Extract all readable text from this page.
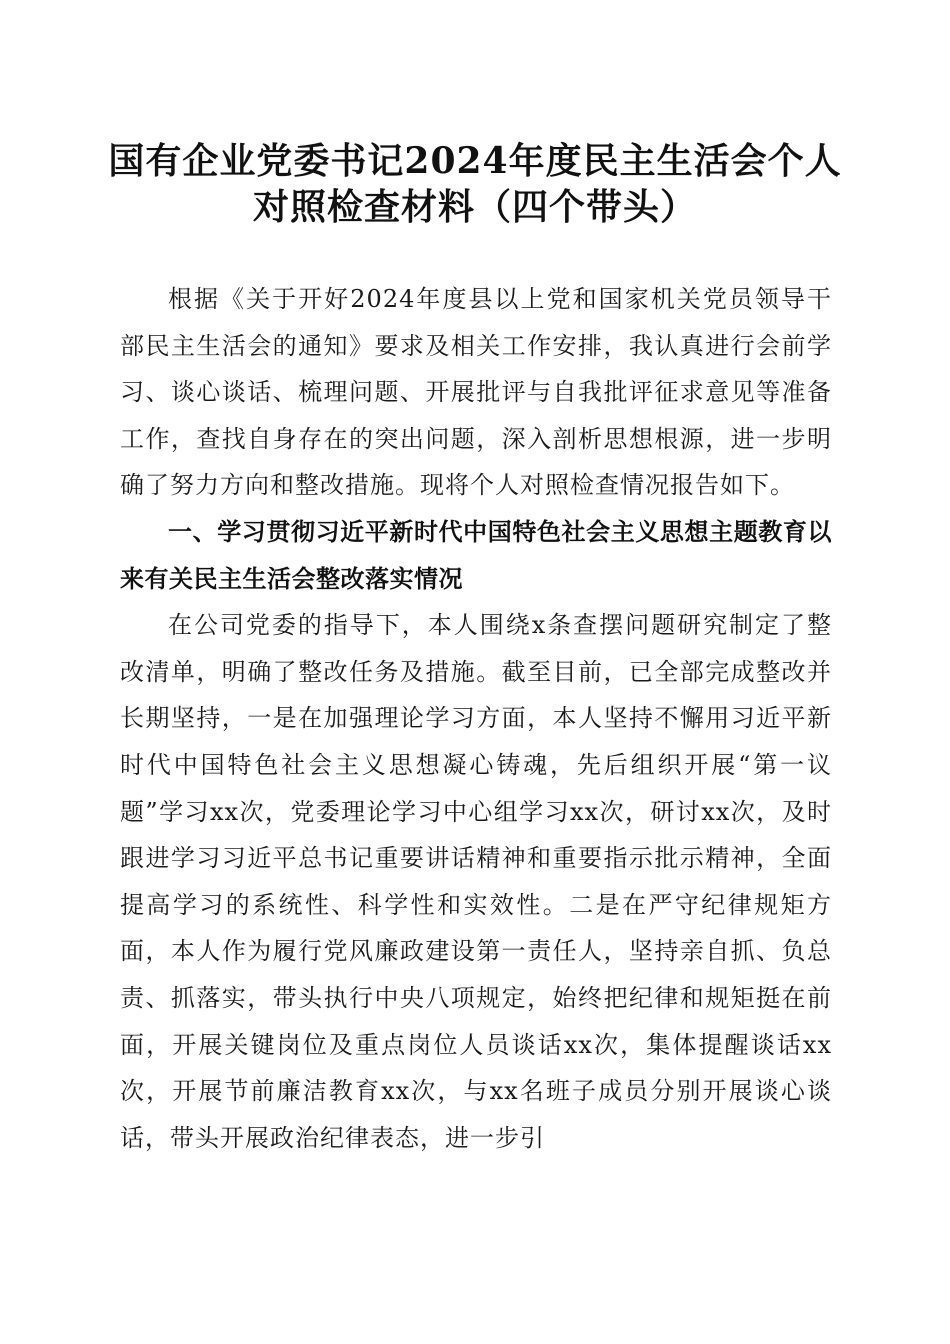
国有企业党委书记2024年度民主生活会个人
对照检查材料（四个带头）

根据《关于开好2024年度县以上党和国家机关党员领导干部民主生活会的通知》要求及相关工作安排，我认真进行会前学习、谈心谈话、梳理问题、开展批评与自我批评征求意见等准备工作，查找自身存在的突出问题，深入剖析思想根源，进一步明确了努力方向和整改措施。现将个人对照检查情况报告如下。

一、学习贯彻习近平新时代中国特色社会主义思想主题教育以来有关民主生活会整改落实情况

在公司党委的指导下，本人围绕x条查摆问题研究制定了整改清单，明确了整改任务及措施。截至目前，已全部完成整改并长期坚持，一是在加强理论学习方面，本人坚持不懈用习近平新时代中国特色社会主义思想凝心铸魂，先后组织开展“第一议题”学习xx次，党委理论学习中心组学习xx次，研讨xx次，及时跟进学习习近平总书记重要讲话精神和重要指示批示精神，全面提高学习的系统性、科学性和实效性。二是在严守纪律规矩方面，本人作为履行党风廉政建设第一责任人，坚持亲自抓、负总责、抓落实，带头执行中央八项规定，始终把纪律和规矩挺在前面，开展关键岗位及重点岗位人员谈话xx次，集体提醒谈话xx次，开展节前廉洁教育xx次，与xx名班子成员分别开展谈心谈话，带头开展政治纪律表态，进一步引
